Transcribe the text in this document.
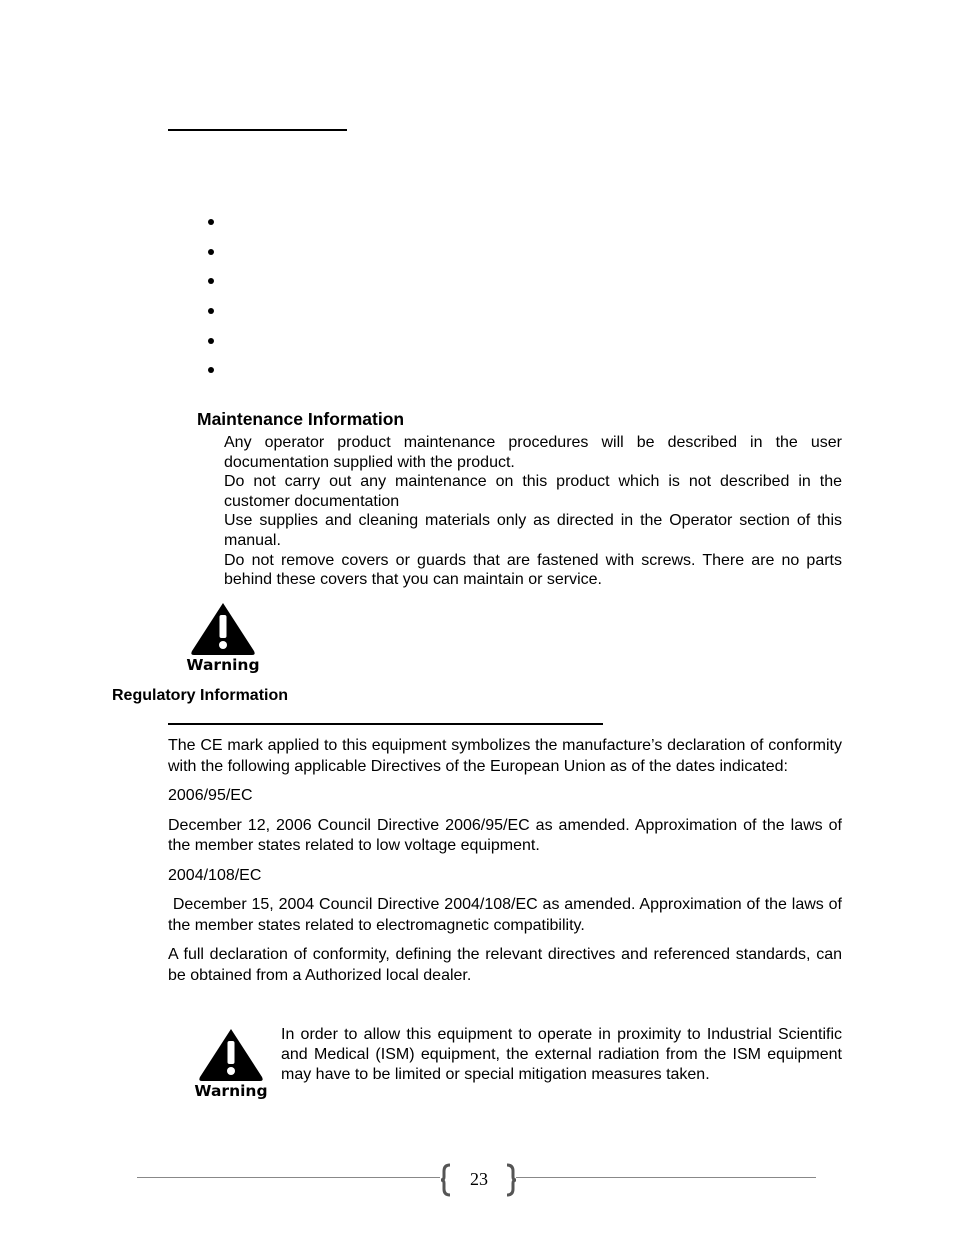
Maintenance Information

Any operator product maintenance procedures will be described in the user documentation supplied with the product.

Do not carry out any maintenance on this product which is not described in the customer documentation

Use supplies and cleaning materials only as directed in the Operator section of this manual.

Do not remove covers or guards that are fastened with screws. There are no parts behind these covers that you can maintain or service.

Warning
Regulatory Information

The CE mark applied to this equipment symbolizes the manufacture’s declaration of conformity with the following applicable Directives of the European Union as of the dates indicated:

2006/95/EC

December 12, 2006 Council Directive 2006/95/EC as amended. Approximation of the laws of the member states related to low voltage equipment.

2004/108/EC

December 15, 2004 Council Directive 2004/108/EC as amended. Approximation of the laws of the member states related to electromagnetic compatibility.

A full declaration of conformity, defining the relevant directives and referenced standards, can be obtained from a Authorized local dealer.

Warning
In order to allow this equipment to operate in proximity to Industrial Scientific and Medical (ISM) equipment, the external radiation from the ISM equipment may have to be limited or special mitigation measures taken.
23
